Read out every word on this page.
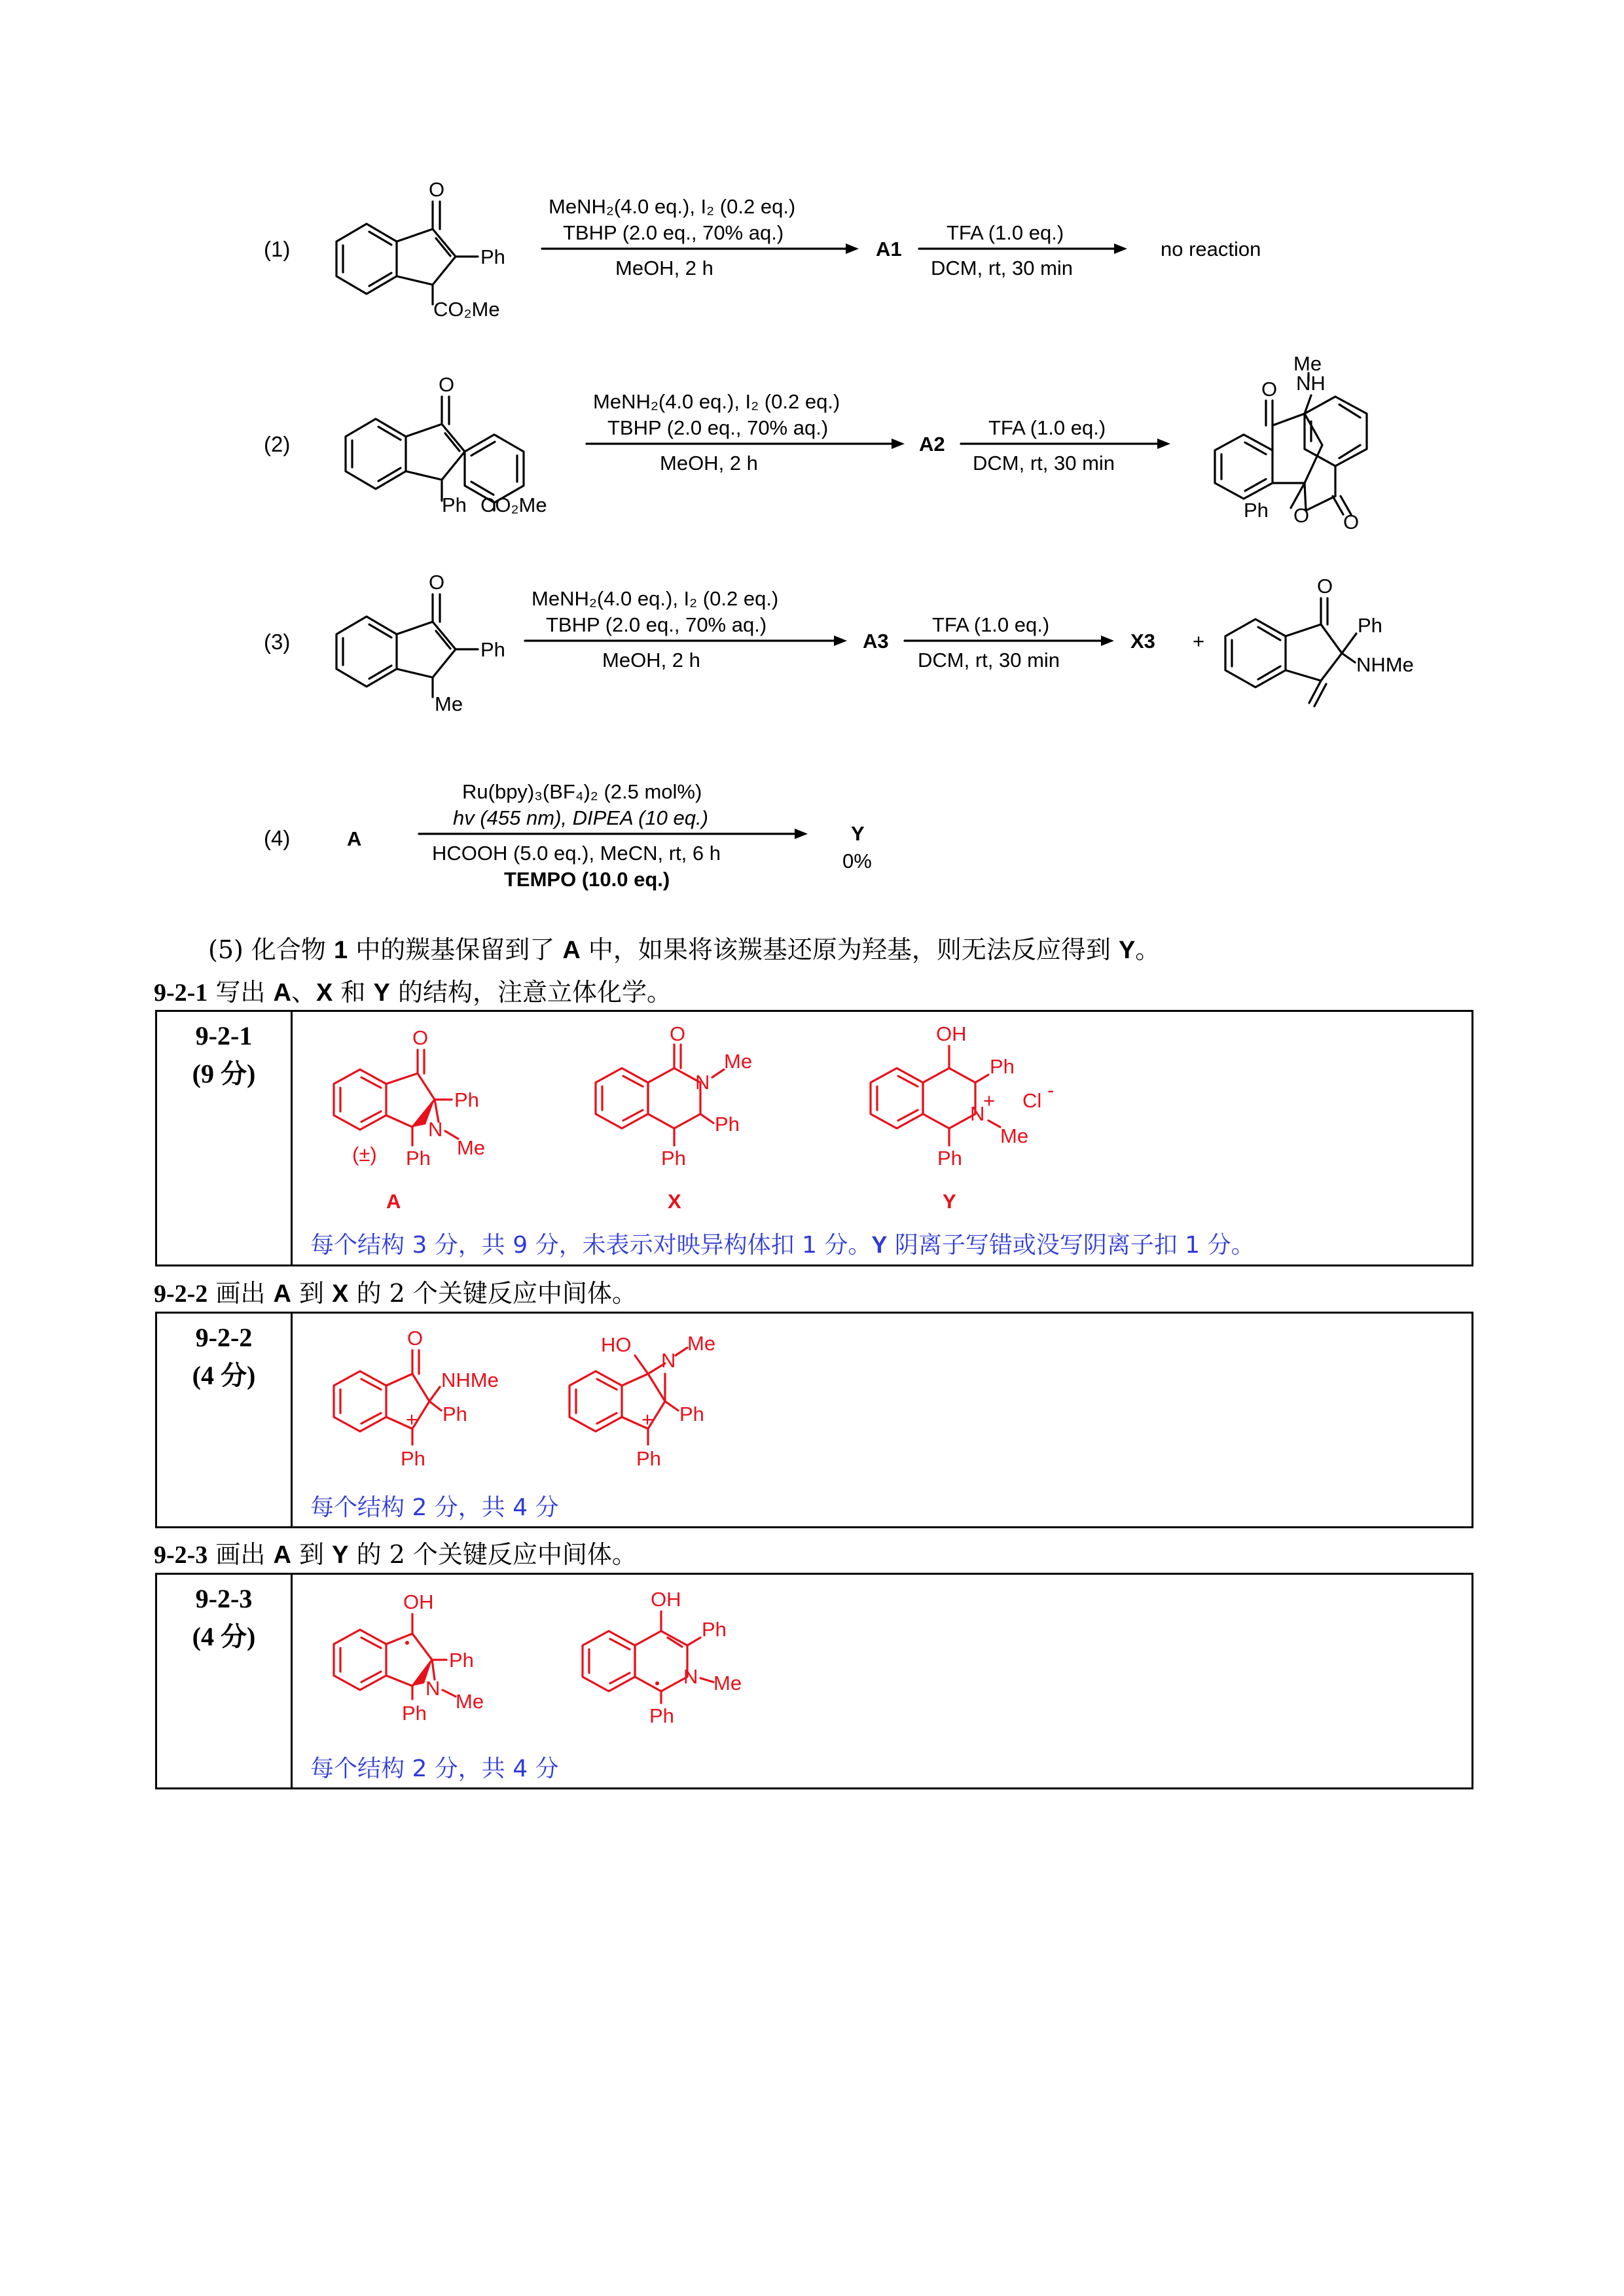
(1)
O
Ph
CO₂Me
MeNH₂(4.0 eq.), I₂ (0.2 eq.)
TBHP (2.0 eq., 70% aq.)
MeOH, 2 h
A1
TFA (1.0 eq.)
DCM, rt, 30 min
no reaction
(2)
O
Ph CO₂Me
MeNH₂(4.0 eq.), I₂ (0.2 eq.)
TBHP (2.0 eq., 70% aq.)
MeOH, 2 h
A2
TFA (1.0 eq.)
DCM, rt, 30 min
O NH
Me
O
Ph
O
(3)
O
Ph
Me
MeNH₂(4.0 eq.), I₂ (0.2 eq.)
TBHP (2.0 eq., 70% aq.)
MeOH, 2 h
A3
TFA (1.0 eq.)
DCM, rt, 30 min
X3 +
O
Ph
NHMe
(4)	A
Ru(bpy)₃(BF₄)₂ (2.5 mol%)
hv (455 nm), DIPEA (10 eq.)
HCOOH (5.0 eq.), MeCN, rt, 6 h
TEMPO (10.0 eq.)
Y
0%
(5) 化合物 1 中的羰基保留到了 A 中，如果将该羰基还原为羟基，则无法反应得到 Y。
9-2-1 写出 A、X 和 Y 的结构，注意立体化学。
9-2-1
(9 分)
O
Ph
N
Me
Ph
(±)
A
O
N
Me
Ph
Ph
X
OH
Ph
N
+
Me
Ph
Cl -
Y
每个结构 3 分，共 9 分，未表示对映异构体扣 1 分。Y 阴离子写错或没写阴离子扣 1 分。
9-2-2 画出 A 到 X 的 2 个关键反应中间体。
9-2-2
(4 分)
O
NHMe
Ph
+
Ph
HO
N
Me
Ph
+
Ph
每个结构 2 分，共 4 分
9-2-3 画出 A 到 Y 的 2 个关键反应中间体。
9-2-3
(4 分)
OH
Ph
N
Me
Ph
OH
Ph
N Me
Ph
每个结构 2 分，共 4 分
